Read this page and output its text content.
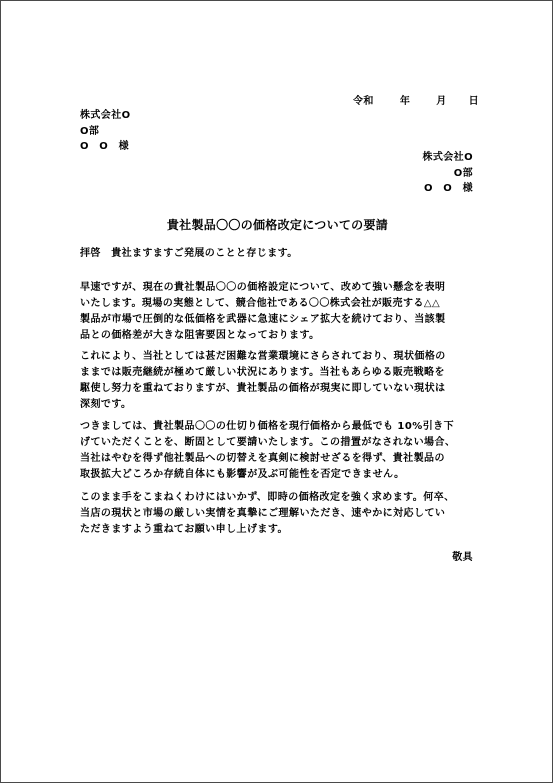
令和	年	月 日
株式会社O
O部
O　O　様
株式会社O
O部
O　O　様
貴社製品〇〇の価格改定についての要請
拝啓　貴社ますますご発展のことと存じます。
早速ですが、現在の貴社製品〇〇の価格設定について、改めて強い懸念を表明
いたします。現場の実態として、競合他社である〇〇株式会社が販売する△△
製品が市場で圧倒的な低価格を武器に急速にシェア拡大を続けており、当該製
品との価格差が大きな阻害要因となっております。
これにより、当社としては甚だ困難な営業環境にさらされており、現状価格の
ままでは販売継続が極めて厳しい状況にあります。当社もあらゆる販売戦略を
駆使し努力を重ねておりますが、貴社製品の価格が現実に即していない現状は
深刻です。
つきましては、貴社製品〇〇の仕切り価格を現行価格から最低でも 10%引き下
げていただくことを、断固として要請いたします。この措置がなされない場合、
当社はやむを得ず他社製品への切替えを真剣に検討せざるを得ず、貴社製品の
取扱拡大どころか存続自体にも影響が及ぶ可能性を否定できません。
このまま手をこまねくわけにはいかず、即時の価格改定を強く求めます。何卒、
当店の現状と市場の厳しい実情を真摯にご理解いただき、速やかに対応してい
ただきますよう重ねてお願い申し上げます。
敬具
